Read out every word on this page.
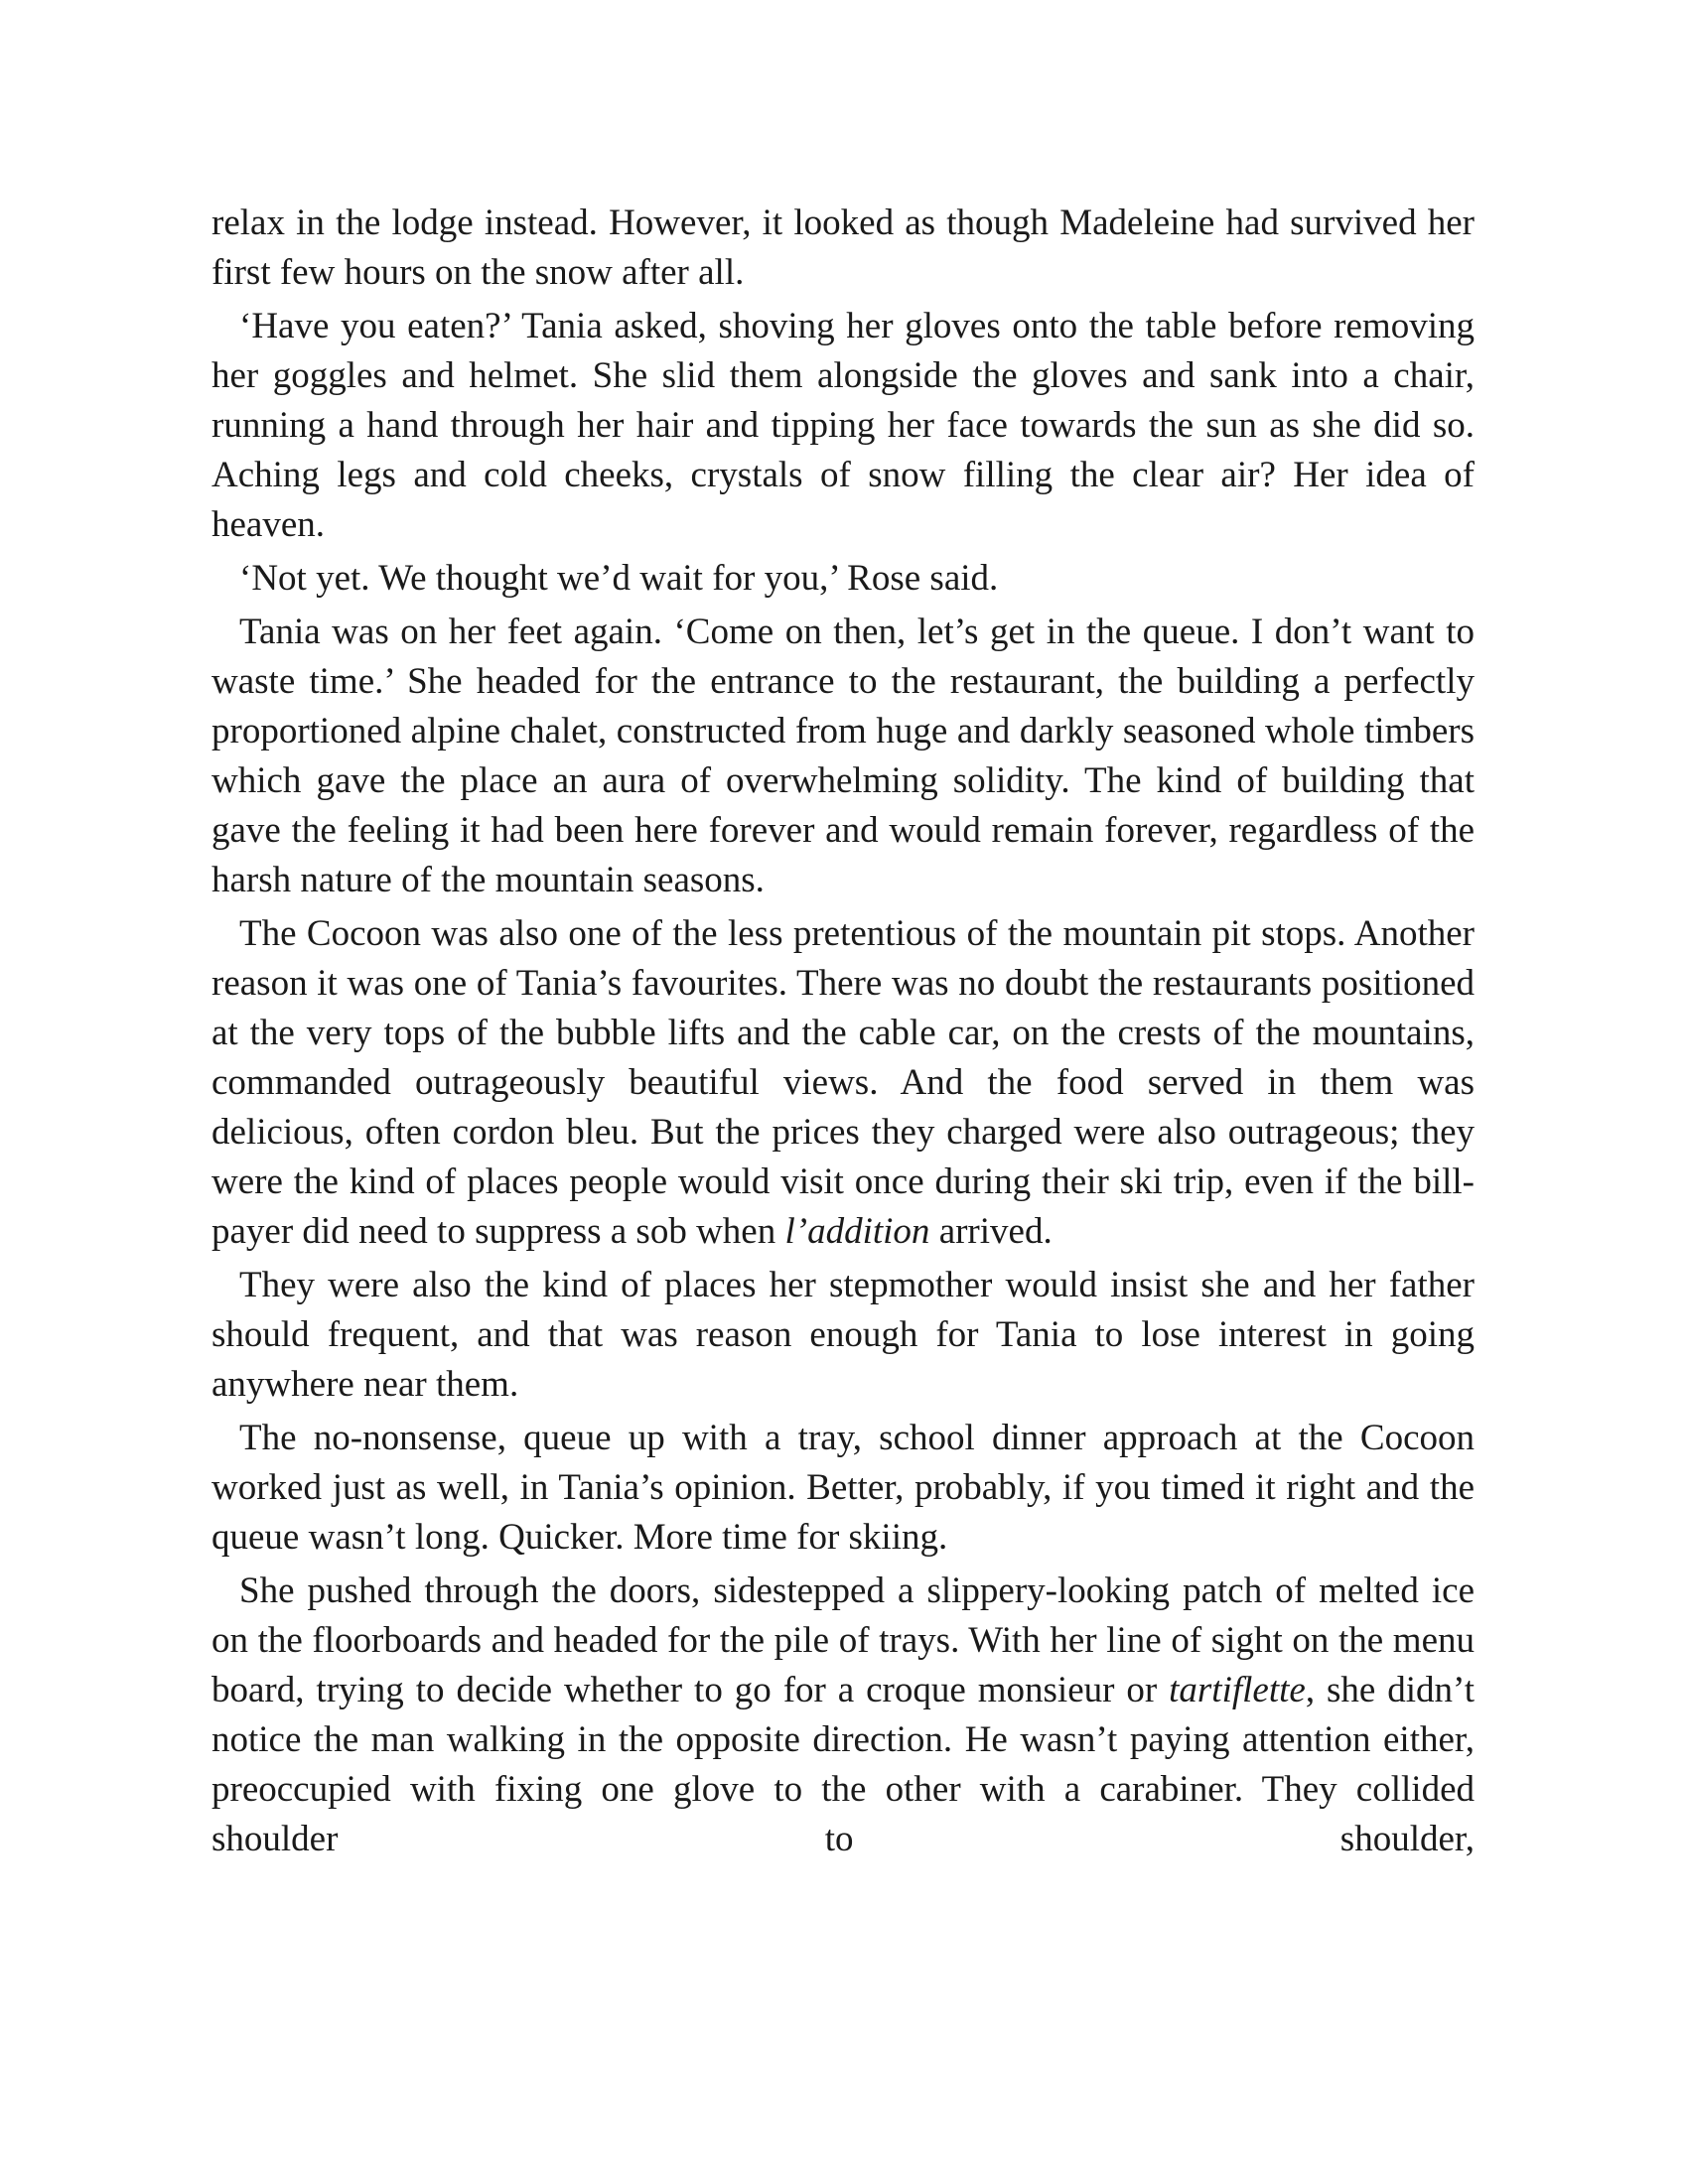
relax in the lodge instead. However, it looked as though Madeleine had survived her first few hours on the snow after all.

‘Have you eaten?’ Tania asked, shoving her gloves onto the table before removing her goggles and helmet. She slid them alongside the gloves and sank into a chair, running a hand through her hair and tipping her face towards the sun as she did so. Aching legs and cold cheeks, crystals of snow filling the clear air? Her idea of heaven.

‘Not yet. We thought we’d wait for you,’ Rose said.

Tania was on her feet again. ‘Come on then, let’s get in the queue. I don’t want to waste time.’ She headed for the entrance to the restaurant, the building a perfectly proportioned alpine chalet, constructed from huge and darkly seasoned whole timbers which gave the place an aura of overwhelming solidity. The kind of building that gave the feeling it had been here forever and would remain forever, regardless of the harsh nature of the mountain seasons.

The Cocoon was also one of the less pretentious of the mountain pit stops. Another reason it was one of Tania’s favourites. There was no doubt the restaurants positioned at the very tops of the bubble lifts and the cable car, on the crests of the mountains, commanded outrageously beautiful views. And the food served in them was delicious, often cordon bleu. But the prices they charged were also outrageous; they were the kind of places people would visit once during their ski trip, even if the bill-payer did need to suppress a sob when l’addition arrived.

They were also the kind of places her stepmother would insist she and her father should frequent, and that was reason enough for Tania to lose interest in going anywhere near them.

The no-nonsense, queue up with a tray, school dinner approach at the Cocoon worked just as well, in Tania’s opinion. Better, probably, if you timed it right and the queue wasn’t long. Quicker. More time for skiing.

She pushed through the doors, sidestepped a slippery-looking patch of melted ice on the floorboards and headed for the pile of trays. With her line of sight on the menu board, trying to decide whether to go for a croque monsieur or tartiflette, she didn’t notice the man walking in the opposite direction. He wasn’t paying attention either, preoccupied with fixing one glove to the other with a carabiner. They collided shoulder to shoulder,
